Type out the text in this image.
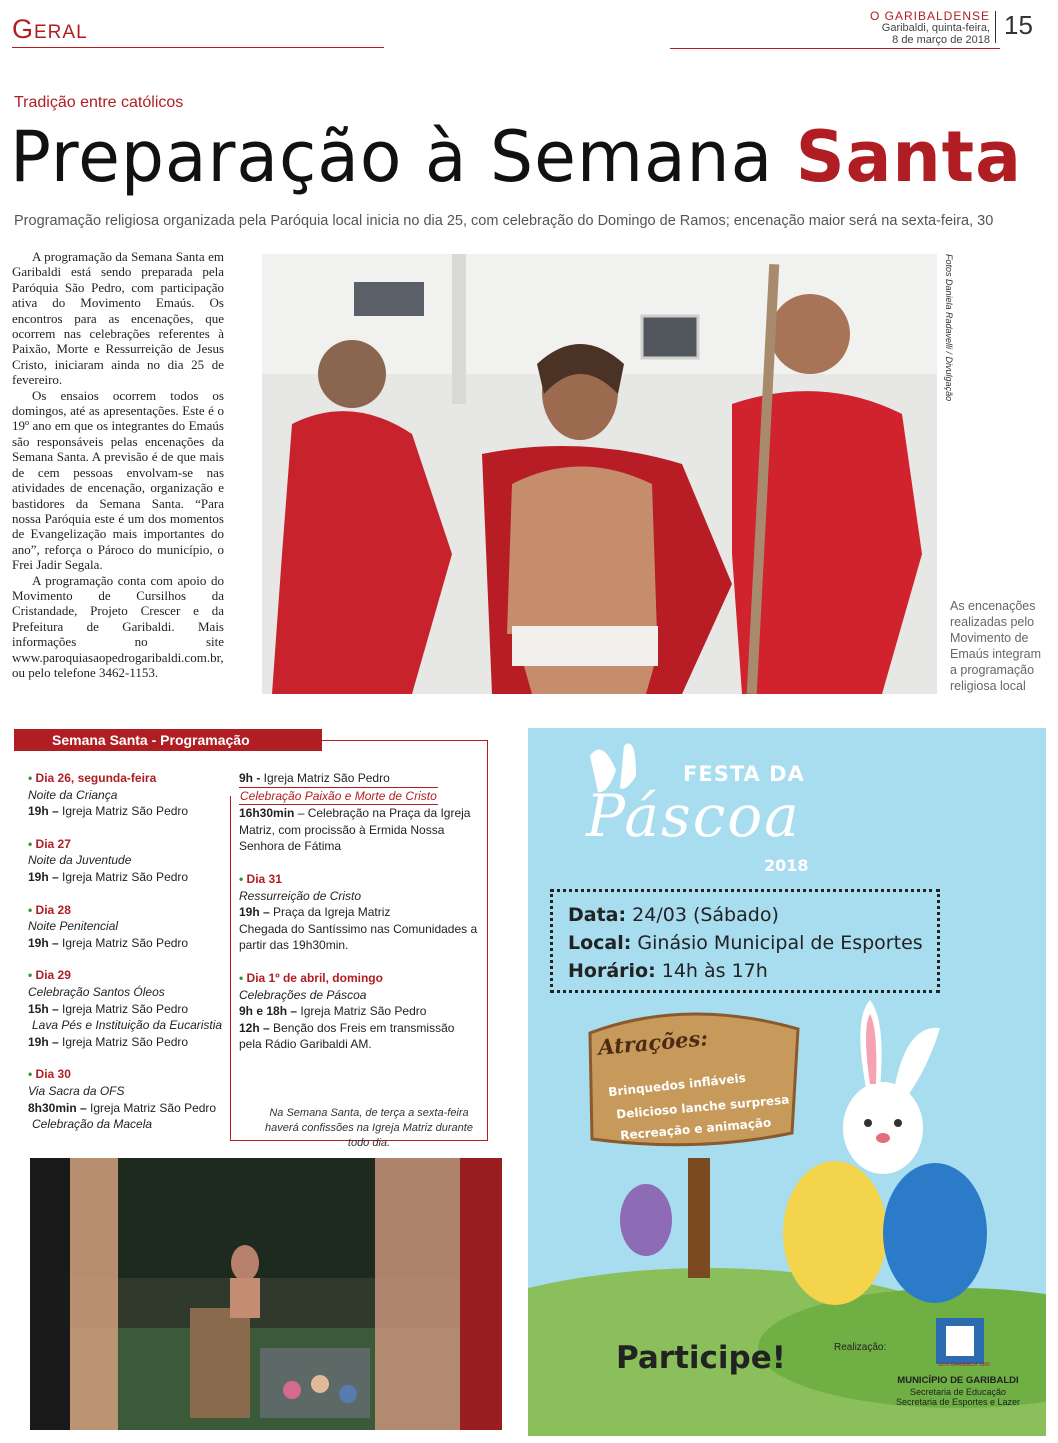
Geral	O GARIBALDENSE
Garibaldi, quinta-feira,
8 de março de 2018 15
Tradição entre católicos
Preparação à Semana Santa
Programação religiosa organizada pela Paróquia local inicia no dia 25, com celebração do Domingo de Ramos; encenação maior será na sexta-feira, 30

A programação da Semana Santa em Garibaldi está sendo preparada pela Paróquia São Pedro, com participação ativa do Movimento Emaús. Os encontros para as encenações, que ocorrem nas celebrações referentes à Paixão, Morte e Ressurreição de Jesus Cristo, iniciaram ainda no dia 25 de fevereiro.

Os ensaios ocorrem todos os domingos, até as apresentações. Este é o 19º ano em que os integrantes do Emaús são responsáveis pelas encenações da Semana Santa. A previsão é de que mais de cem pessoas envolvam-se nas atividades de encenação, organização e bastidores da Semana Santa. “Para nossa Paróquia este é um dos momentos de Evangelização mais importantes do ano”, reforça o Pároco do município, o Frei Jadir Segala.

A programação conta com apoio do Movimento de Cursilhos da Cristandade, Projeto Crescer e da Prefeitura de Garibaldi. Mais informações no site www.paroquiasaopedrogaribaldi.com.br, ou pelo telefone 3462-1153.

Fotos Daniela Radavelli / Divulgação
As encenações realizadas pelo Movimento de Emaús integram a programação religiosa local
Semana Santa - Programação
• Dia 26, segunda-feira
Noite da Criança
19h – Igreja Matriz São Pedro
• Dia 27
Noite da Juventude
19h – Igreja Matriz São Pedro
• Dia 28
Noite Penitencial
19h – Igreja Matriz São Pedro
• Dia 29
Celebração Santos Óleos
15h – Igreja Matriz São Pedro
Lava Pés e Instituição da Eucaristia
19h – Igreja Matriz São Pedro
• Dia 30
Via Sacra da OFS
8h30min – Igreja Matriz São Pedro
Celebração da Macela
9h - Igreja Matriz São Pedro
Celebração Paixão e Morte de Cristo
16h30min – Celebração na Praça da Igreja Matriz, com procissão à Ermida Nossa Senhora de Fátima
• Dia 31
Ressurreição de Cristo
19h – Praça da Igreja Matriz
Chegada do Santíssimo nas Comunidades a partir das 19h30min.
• Dia 1º de abril, domingo
Celebrações de Páscoa
9h e 18h – Igreja Matriz São Pedro
12h – Benção dos Freis em transmissão pela Rádio Garibaldi AM.
Na Semana Santa, de terça a sexta-feira haverá confissões na Igreja Matriz durante todo dia.
FESTA DA
Páscoa
2018
Data: 24/03 (Sábado)
Local: Ginásio Municipal de Esportes
Horário: 14h às 17h
Atrações:
Brinquedos infláveis
Delicioso lanche surpresa
Recreação e animação
Participe!	Realização:
1870 GARIBALDI 1900
MUNICÍPIO DE GARIBALDI
Secretaria de Educação
Secretaria de Esportes e Lazer
